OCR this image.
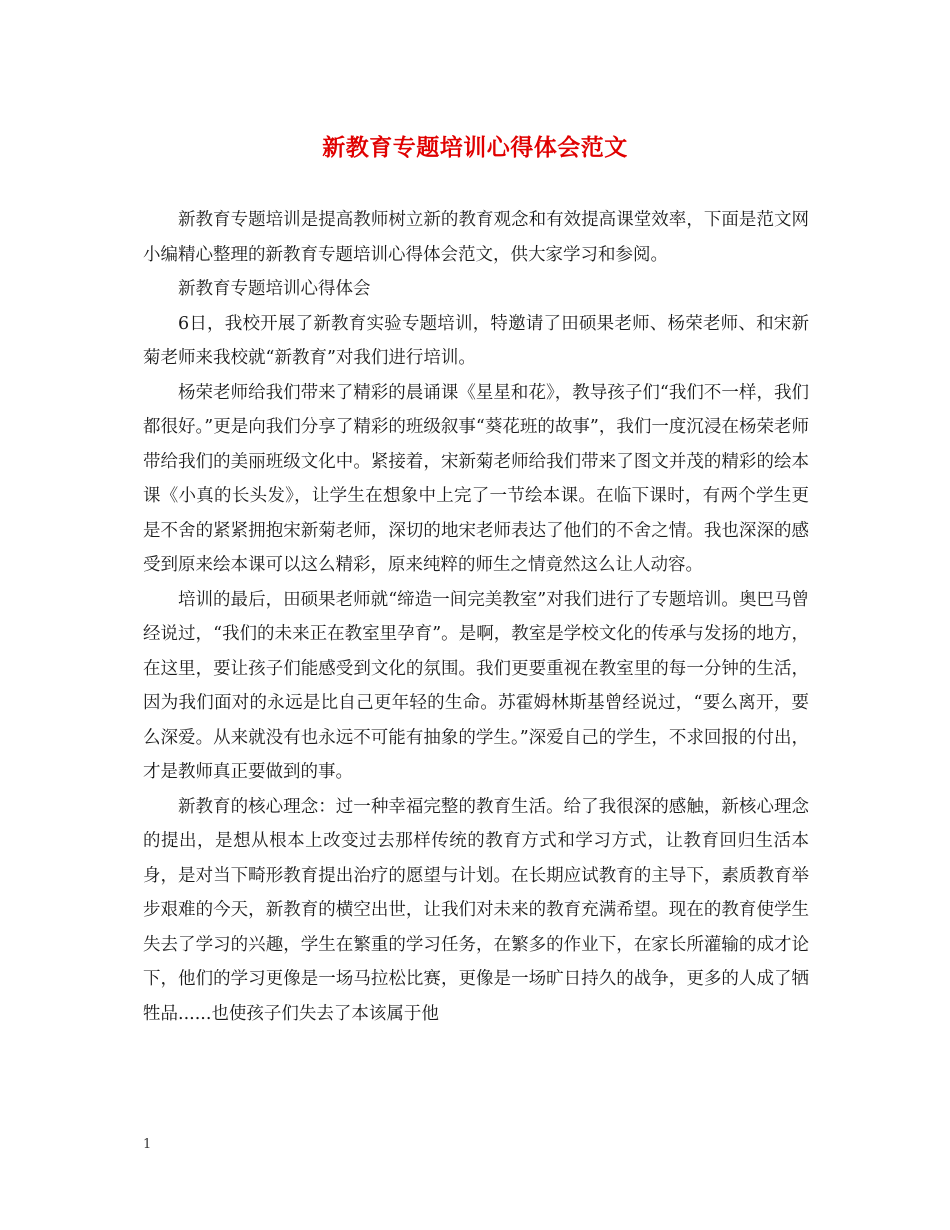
新教育专题培训心得体会范文

新教育专题培训是提高教师树立新的教育观念和有效提高课堂效率，下面是范文网小编精心整理的新教育专题培训心得体会范文，供大家学习和参阅。

新教育专题培训心得体会

6日，我校开展了新教育实验专题培训，特邀请了田硕果老师、杨荣老师、和宋新菊老师来我校就“新教育”对我们进行培训。

杨荣老师给我们带来了精彩的晨诵课《星星和花》，教导孩子们“我们不一样，我们都很好。”更是向我们分享了精彩的班级叙事“葵花班的故事”，我们一度沉浸在杨荣老师带给我们的美丽班级文化中。紧接着，宋新菊老师给我们带来了图文并茂的精彩的绘本课《小真的长头发》，让学生在想象中上完了一节绘本课。在临下课时，有两个学生更是不舍的紧紧拥抱宋新菊老师，深切的地宋老师表达了他们的不舍之情。我也深深的感受到原来绘本课可以这么精彩，原来纯粹的师生之情竟然这么让人动容。

培训的最后，田硕果老师就“缔造一间完美教室”对我们进行了专题培训。奥巴马曾经说过，“我们的未来正在教室里孕育”。是啊，教室是学校文化的传承与发扬的地方，在这里，要让孩子们能感受到文化的氛围。我们更要重视在教室里的每一分钟的生活，因为我们面对的永远是比自己更年轻的生命。苏霍姆林斯基曾经说过，“要么离开，要么深爱。从来就没有也永远不可能有抽象的学生。”深爱自己的学生，不求回报的付出，才是教师真正要做到的事。

新教育的核心理念：过一种幸福完整的教育生活。给了我很深的感触，新核心理念的提出，是想从根本上改变过去那样传统的教育方式和学习方式，让教育回归生活本身，是对当下畸形教育提出治疗的愿望与计划。在长期应试教育的主导下，素质教育举步艰难的今天，新教育的横空出世，让我们对未来的教育充满希望。现在的教育使学生失去了学习的兴趣，学生在繁重的学习任务，在繁多的作业下，在家长所灌输的成才论下，他们的学习更像是一场马拉松比赛，更像是一场旷日持久的战争，更多的人成了牺牲品......也使孩子们失去了本该属于他

1
